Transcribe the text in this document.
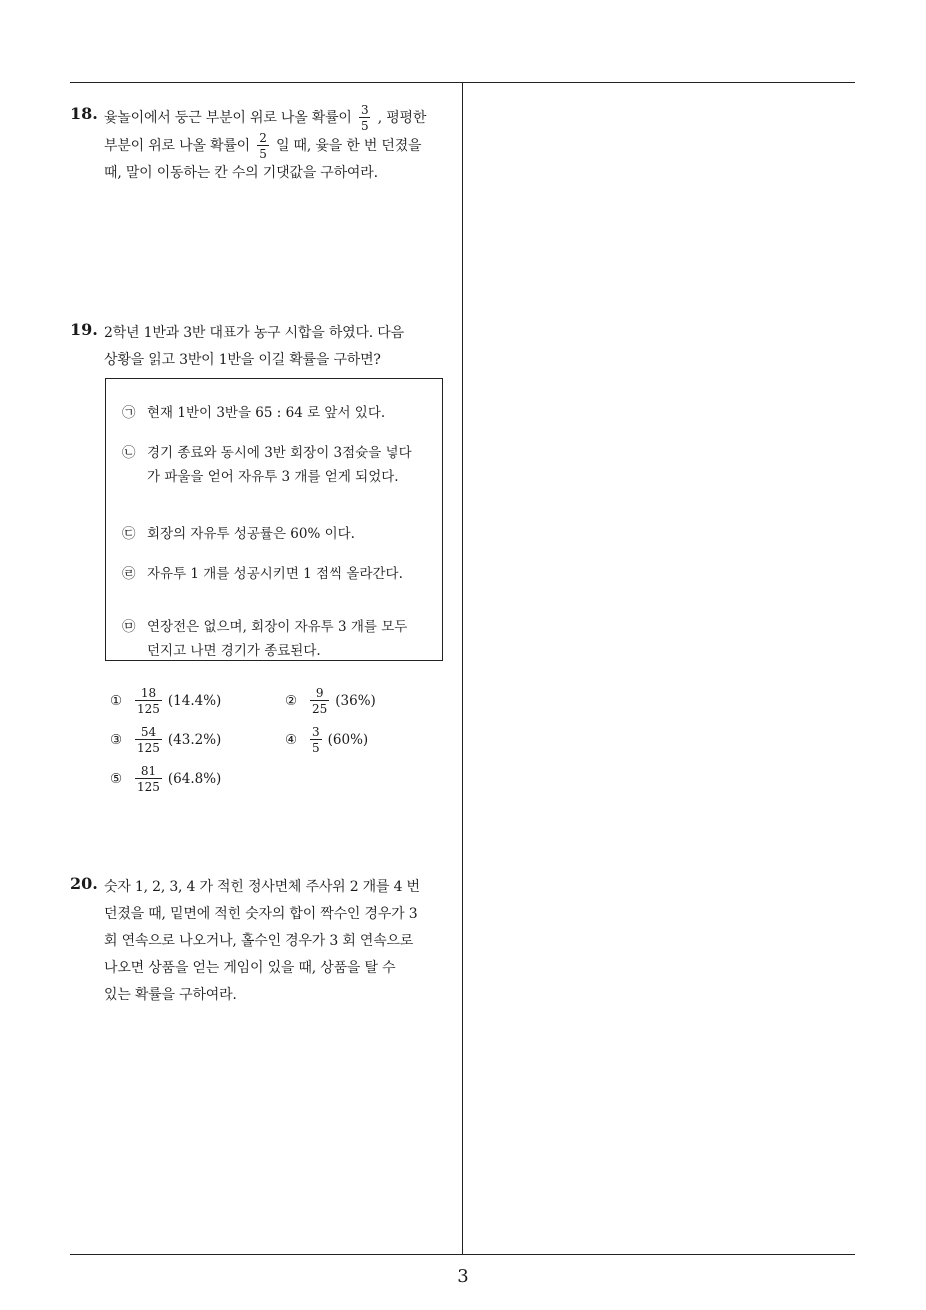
18. 윷놀이에서 둥근 부분이 위로 나올 확률이 $\frac{3}{5}$ , 평평한
부분이 위로 나올 확률이 $\frac{2}{5}$ 일 때, 윷을 한 번 던졌을
때, 말이 이동하는 칸 수의 기댓값을 구하여라.
19. 2학년 1반과 3반 대표가 농구 시합을 하였다. 다음
상황을 읽고 3반이 1반을 이길 확률을 구하면?
㉠ 현재 1반이 3반을 65 : 64 로 앞서 있다.
㉡ 경기 종료와 동시에 3반 회장이 3점슛을 넣다가 파울을 얻어 자유투 3 개를 얻게 되었다.
㉢ 회장의 자유투 성공률은 60% 이다.
㉣ 자유투 1 개를 성공시키면 1 점씩 올라간다.
㉤ 연장전은 없으며, 회장이 자유투 3 개를 모두 던지고 나면 경기가 종료된다.
①	$\frac{18}{125} (14.4\%)$	②	$\frac{9}{25} (36\%)$
③	$\frac{54}{125} (43.2\%)$	④	$\frac{3}{5} (60\%)$
⑤	$\frac{81}{125} (64.8\%)$
20. 숫자 1, 2, 3, 4 가 적힌 정사면체 주사위 2 개를 4 번
던졌을 때, 밑면에 적힌 숫자의 합이 짝수인 경우가 3
회 연속으로 나오거나, 홀수인 경우가 3 회 연속으로
나오면 상품을 얻는 게임이 있을 때, 상품을 탈 수
있는 확률을 구하여라.
3
